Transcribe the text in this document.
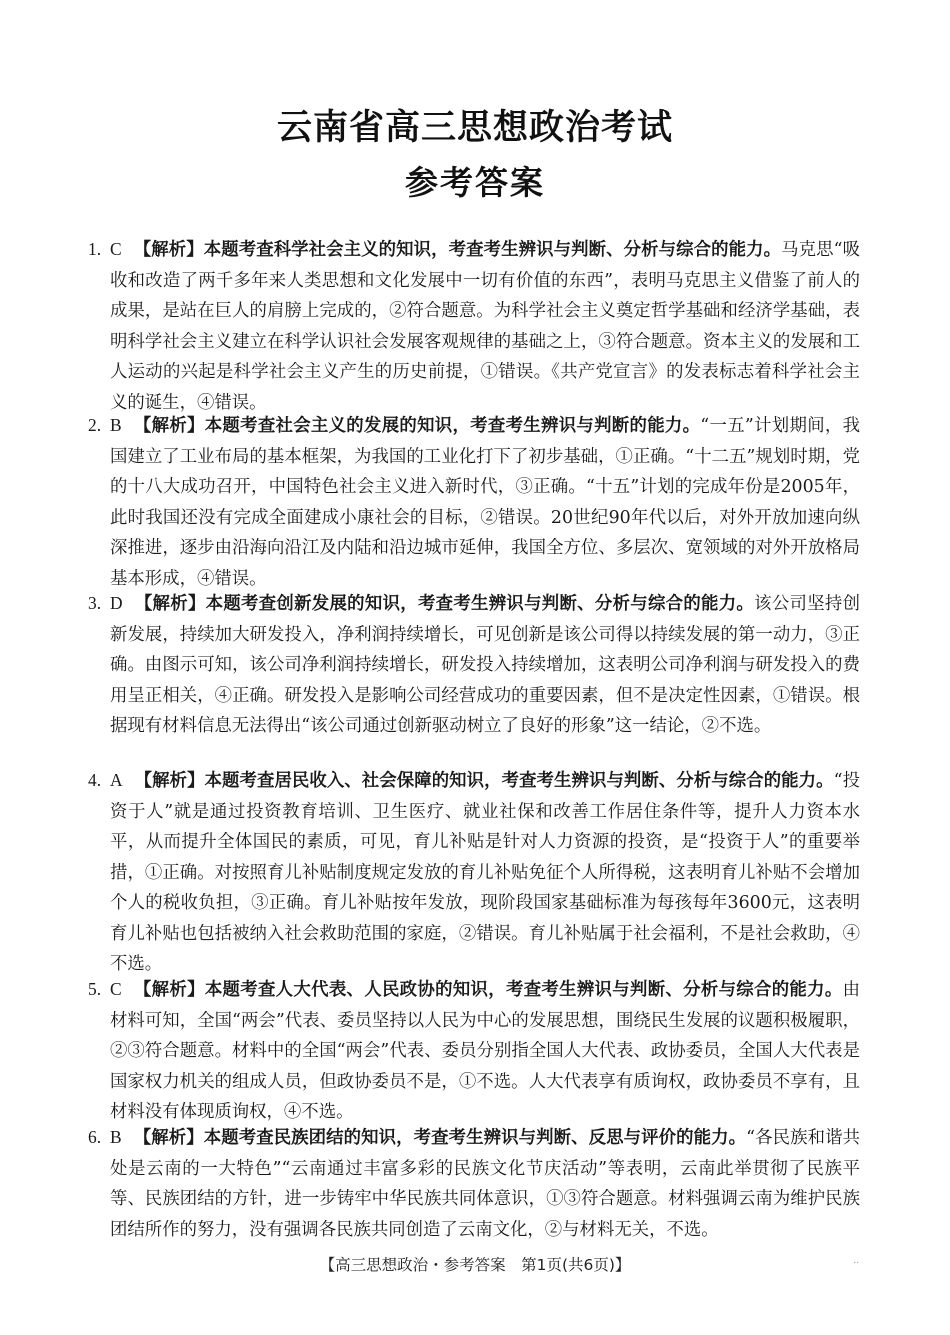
云南省高三思想政治考试
参考答案
1. C 【解析】本题考查科学社会主义的知识，考查考生辨识与判断、分析与综合的能力。马克思“吸收和改造了两千多年来人类思想和文化发展中一切有价值的东西”，表明马克思主义借鉴了前人的成果，是站在巨人的肩膀上完成的，②符合题意。为科学社会主义奠定哲学基础和经济学基础，表明科学社会主义建立在科学认识社会发展客观规律的基础之上，③符合题意。资本主义的发展和工人运动的兴起是科学社会主义产生的历史前提，①错误。《共产党宣言》的发表标志着科学社会主义的诞生，④错误。
2. B 【解析】本题考查社会主义的发展的知识，考查考生辨识与判断的能力。“一五”计划期间，我国建立了工业布局的基本框架，为我国的工业化打下了初步基础，①正确。“十二五”规划时期，党的十八大成功召开，中国特色社会主义进入新时代，③正确。“十五”计划的完成年份是2005年，此时我国还没有完成全面建成小康社会的目标，②错误。20世纪90年代以后，对外开放加速向纵深推进，逐步由沿海向沿江及内陆和沿边城市延伸，我国全方位、多层次、宽领域的对外开放格局基本形成，④错误。
3. D 【解析】本题考查创新发展的知识，考查考生辨识与判断、分析与综合的能力。该公司坚持创新发展，持续加大研发投入，净利润持续增长，可见创新是该公司得以持续发展的第一动力，③正确。由图示可知，该公司净利润持续增长，研发投入持续增加，这表明公司净利润与研发投入的费用呈正相关，④正确。研发投入是影响公司经营成功的重要因素，但不是决定性因素，①错误。根据现有材料信息无法得出“该公司通过创新驱动树立了良好的形象”这一结论，②不选。
4. A 【解析】本题考查居民收入、社会保障的知识，考查考生辨识与判断、分析与综合的能力。“投资于人”就是通过投资教育培训、卫生医疗、就业社保和改善工作居住条件等，提升人力资本水平，从而提升全体国民的素质，可见，育儿补贴是针对人力资源的投资，是“投资于人”的重要举措，①正确。对按照育儿补贴制度规定发放的育儿补贴免征个人所得税，这表明育儿补贴不会增加个人的税收负担，③正确。育儿补贴按年发放，现阶段国家基础标准为每孩每年3600元，这表明育儿补贴也包括被纳入社会救助范围的家庭，②错误。育儿补贴属于社会福利，不是社会救助，④不选。
5. C 【解析】本题考查人大代表、人民政协的知识，考查考生辨识与判断、分析与综合的能力。由材料可知，全国“两会”代表、委员坚持以人民为中心的发展思想，围绕民生发展的议题积极履职，②③符合题意。材料中的全国“两会”代表、委员分别指全国人大代表、政协委员，全国人大代表是国家权力机关的组成人员，但政协委员不是，①不选。人大代表享有质询权，政协委员不享有，且材料没有体现质询权，④不选。
6. B 【解析】本题考查民族团结的知识，考查考生辨识与判断、反思与评价的能力。“各民族和谐共处是云南的一大特色”“云南通过丰富多彩的民族文化节庆活动”等表明，云南此举贯彻了民族平等、民族团结的方针，进一步铸牢中华民族共同体意识，①③符合题意。材料强调云南为维护民族团结所作的努力，没有强调各民族共同创造了云南文化，②与材料无关，不选。
【高三思想政治・参考答案　第1页(共6页)】	··
